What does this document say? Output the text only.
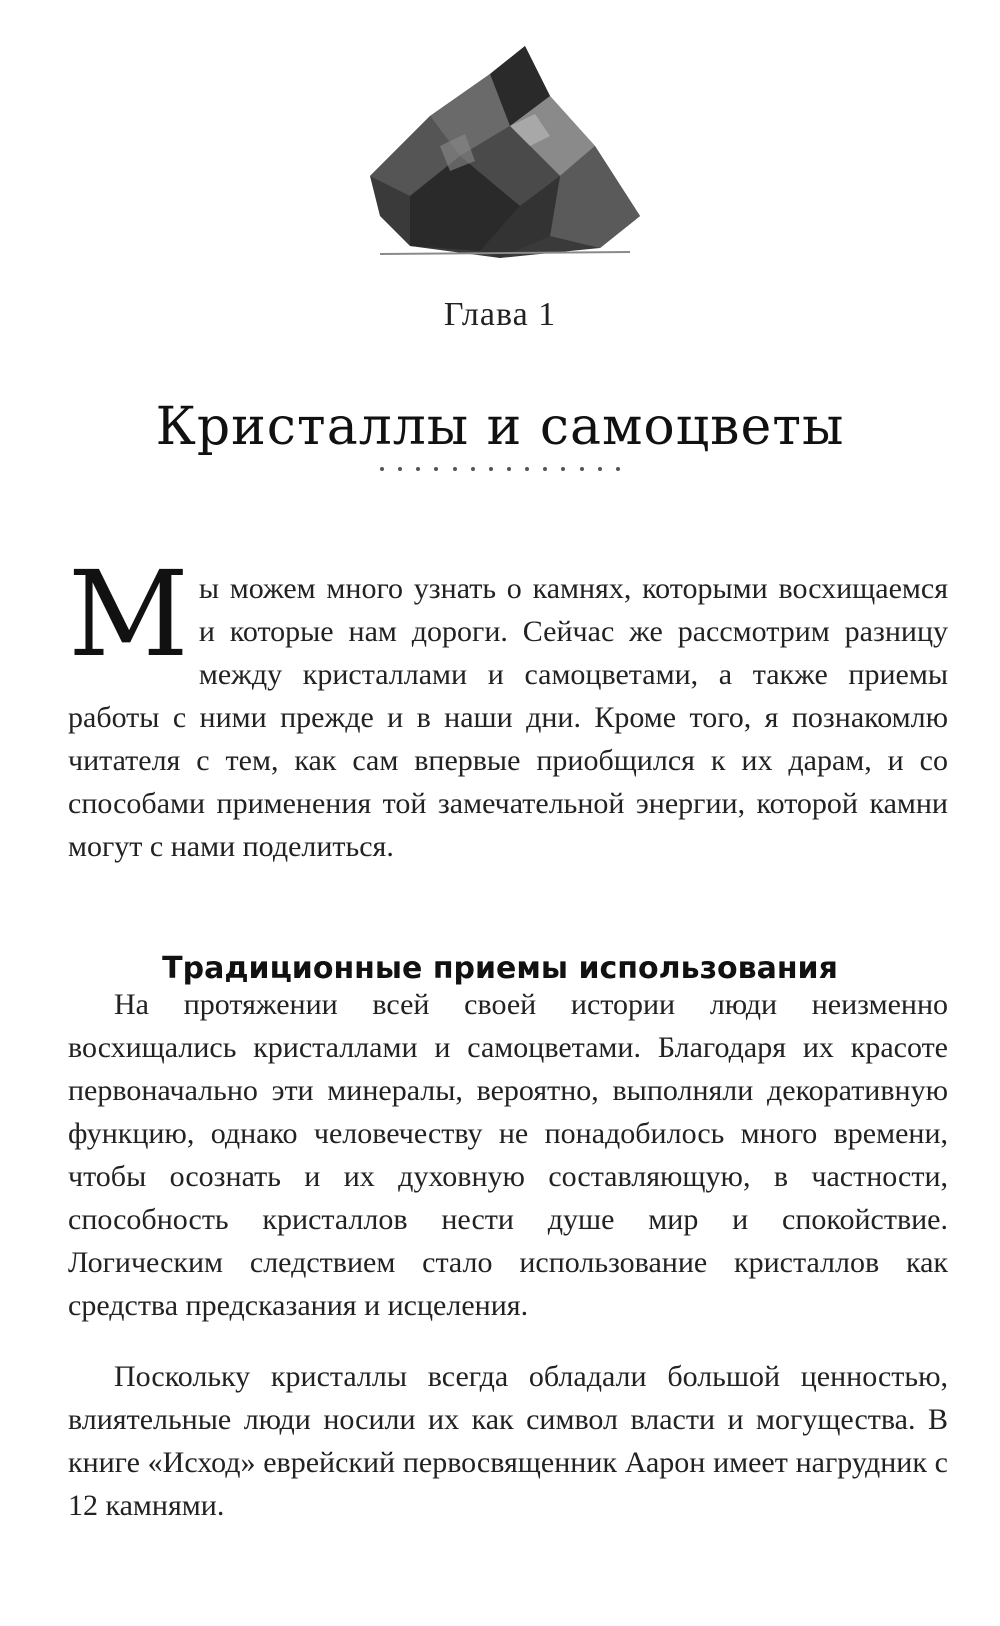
Глава 1
Кристаллы и самоцветы
М ы можем много узнать о камнях, которыми восхищаемся и которые нам дороги. Сейчас же рассмотрим разницу между кристаллами и самоцветами, а также приемы работы с ними прежде и в наши дни. Кроме того, я познакомлю читателя с тем, как сам впервые приобщился к их дарам, и со способами применения той замечательной энергии, которой камни могут с нами поделиться.
Традиционные приемы использования

На протяжении всей своей истории люди неизменно восхищались кристаллами и самоцветами. Благодаря их красоте первоначально эти минералы, вероятно, выполняли декоративную функцию, однако человечеству не понадобилось много времени, чтобы осознать и их духовную составляющую, в частности, способность кристаллов нести душе мир и спокойствие. Логическим следствием стало использование кристаллов как средства предсказания и исцеления.

Поскольку кристаллы всегда обладали большой ценностью, влиятельные люди носили их как символ власти и могущества. В книге «Исход» еврейский первосвященник Аарон имеет нагрудник с 12 камнями.
